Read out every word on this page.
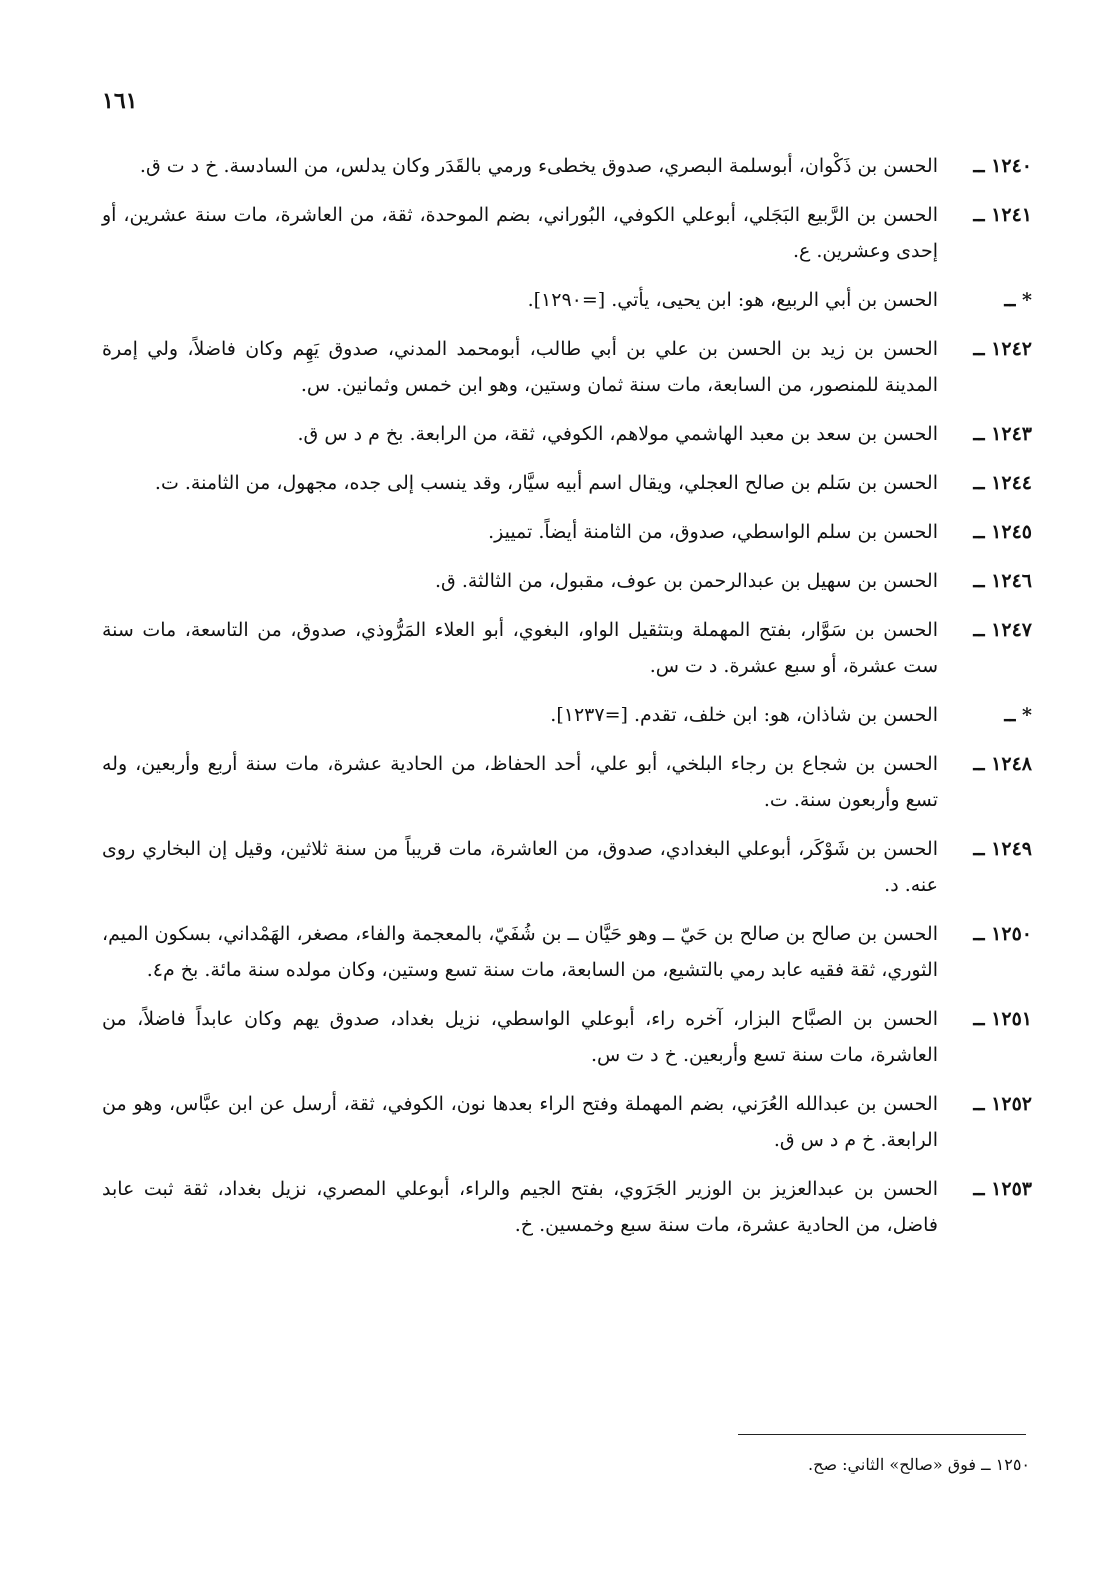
١٦١
١٢٤٠ ــ
الحسن بن ذَكْوان، أبوسلمة البصري، صدوق يخطىء ورمي بالقَدَر وكان يدلس، من السادسة. خ د ت ق.
١٢٤١ ــ
الحسن بن الرَّبيع البَجَلي، أبوعلي الكوفي، البُوراني، بضم الموحدة، ثقة، من العاشرة، مات سنة عشرين، أو إحدى وعشرين. ع.
* ــ
الحسن بن أبي الربيع، هو: ابن يحيى، يأتي. [=١٢٩٠].
١٢٤٢ ــ
الحسن بن زيد بن الحسن بن علي بن أبي طالب، أبومحمد المدني، صدوق يَهِم وكان فاضلاً، ولي إمرة المدينة للمنصور، من السابعة، مات سنة ثمان وستين، وهو ابن خمس وثمانين. س.
١٢٤٣ ــ
الحسن بن سعد بن معبد الهاشمي مولاهم، الكوفي، ثقة، من الرابعة. بخ م د س ق.
١٢٤٤ ــ
الحسن بن سَلم بن صالح العجلي، ويقال اسم أبيه سيَّار، وقد ينسب إلى جده، مجهول، من الثامنة. ت.
١٢٤٥ ــ
الحسن بن سلم الواسطي، صدوق، من الثامنة أيضاً. تمييز.
١٢٤٦ ــ
الحسن بن سهيل بن عبدالرحمن بن عوف، مقبول، من الثالثة. ق.
١٢٤٧ ــ
الحسن بن سَوَّار، بفتح المهملة وبتثقيل الواو، البغوي، أبو العلاء المَرُّوذي، صدوق، من التاسعة، مات سنة ست عشرة، أو سبع عشرة. د ت س.
* ــ
الحسن بن شاذان، هو: ابن خلف، تقدم. [=١٢٣٧].
١٢٤٨ ــ
الحسن بن شجاع بن رجاء البلخي، أبو علي، أحد الحفاظ، من الحادية عشرة، مات سنة أربع وأربعين، وله تسع وأربعون سنة. ت.
١٢٤٩ ــ
الحسن بن شَوْكَر، أبوعلي البغدادي، صدوق، من العاشرة، مات قريباً من سنة ثلاثين، وقيل إن البخاري روى عنه. د.
١٢٥٠ ــ
الحسن بن صالح بن صالح بن حَيّ ــ وهو حَيَّان ــ بن شُفَيّ، بالمعجمة والفاء، مصغر، الهَمْداني، بسكون الميم، الثوري، ثقة فقيه عابد رمي بالتشيع، من السابعة، مات سنة تسع وستين، وكان مولده سنة مائة. بخ م٤.
١٢٥١ ــ
الحسن بن الصبَّاح البزار، آخره راء، أبوعلي الواسطي، نزيل بغداد، صدوق يهم وكان عابداً فاضلاً، من العاشرة، مات سنة تسع وأربعين. خ د ت س.
١٢٥٢ ــ
الحسن بن عبدالله العُرَني، بضم المهملة وفتح الراء بعدها نون، الكوفي، ثقة، أرسل عن ابن عبَّاس، وهو من الرابعة. خ م د س ق.
١٢٥٣ ــ
الحسن بن عبدالعزيز بن الوزير الجَرَوي، بفتح الجيم والراء، أبوعلي المصري، نزيل بغداد، ثقة ثبت عابد فاضل، من الحادية عشرة، مات سنة سبع وخمسين. خ.
١٢٥٠ ــ فوق «صالح» الثاني: صح.
